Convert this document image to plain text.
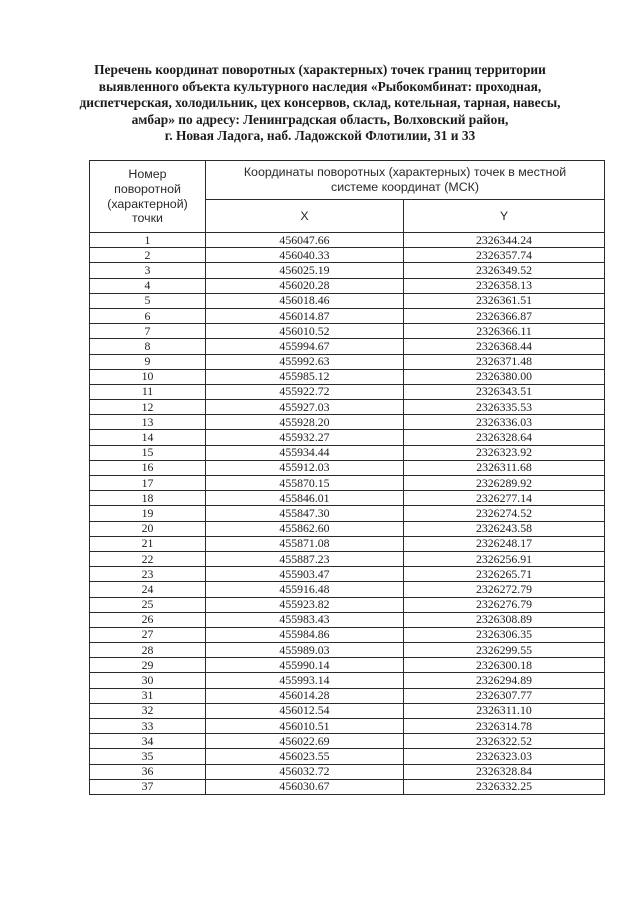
Перечень координат поворотных (характерных) точек границ территории
выявленного объекта культурного наследия «Рыбокомбинат: проходная,
диспетчерская, холодильник, цех консервов, склад, котельная, тарная, навесы,
амбар» по адресу: Ленинградская область, Волховский район,
г. Новая Ладога, наб. Ладожской Флотилии, 31 и 33
Номер
поворотной
(характерной)
точки	Координаты поворотных (характерных) точек в местной
системе координат (МСК)	

	X	Y
1	456047.66	2326344.24
2	456040.33	2326357.74
3	456025.19	2326349.52
4	456020.28	2326358.13
5	456018.46	2326361.51
6	456014.87	2326366.87
7	456010.52	2326366.11
8	455994.67	2326368.44
9	455992.63	2326371.48
10	455985.12	2326380.00
11	455922.72	2326343.51
12	455927.03	2326335.53
13	455928.20	2326336.03
14	455932.27	2326328.64
15	455934.44	2326323.92
16	455912.03	2326311.68
17	455870.15	2326289.92
18	455846.01	2326277.14
19	455847.30	2326274.52
20	455862.60	2326243.58
21	455871.08	2326248.17
22	455887.23	2326256.91
23	455903.47	2326265.71
24	455916.48	2326272.79
25	455923.82	2326276.79
26	455983.43	2326308.89
27	455984.86	2326306.35
28	455989.03	2326299.55
29	455990.14	2326300.18
30	455993.14	2326294.89
31	456014.28	2326307.77
32	456012.54	2326311.10
33	456010.51	2326314.78
34	456022.69	2326322.52
35	456023.55	2326323.03
36	456032.72	2326328.84
37	456030.67	2326332.25
